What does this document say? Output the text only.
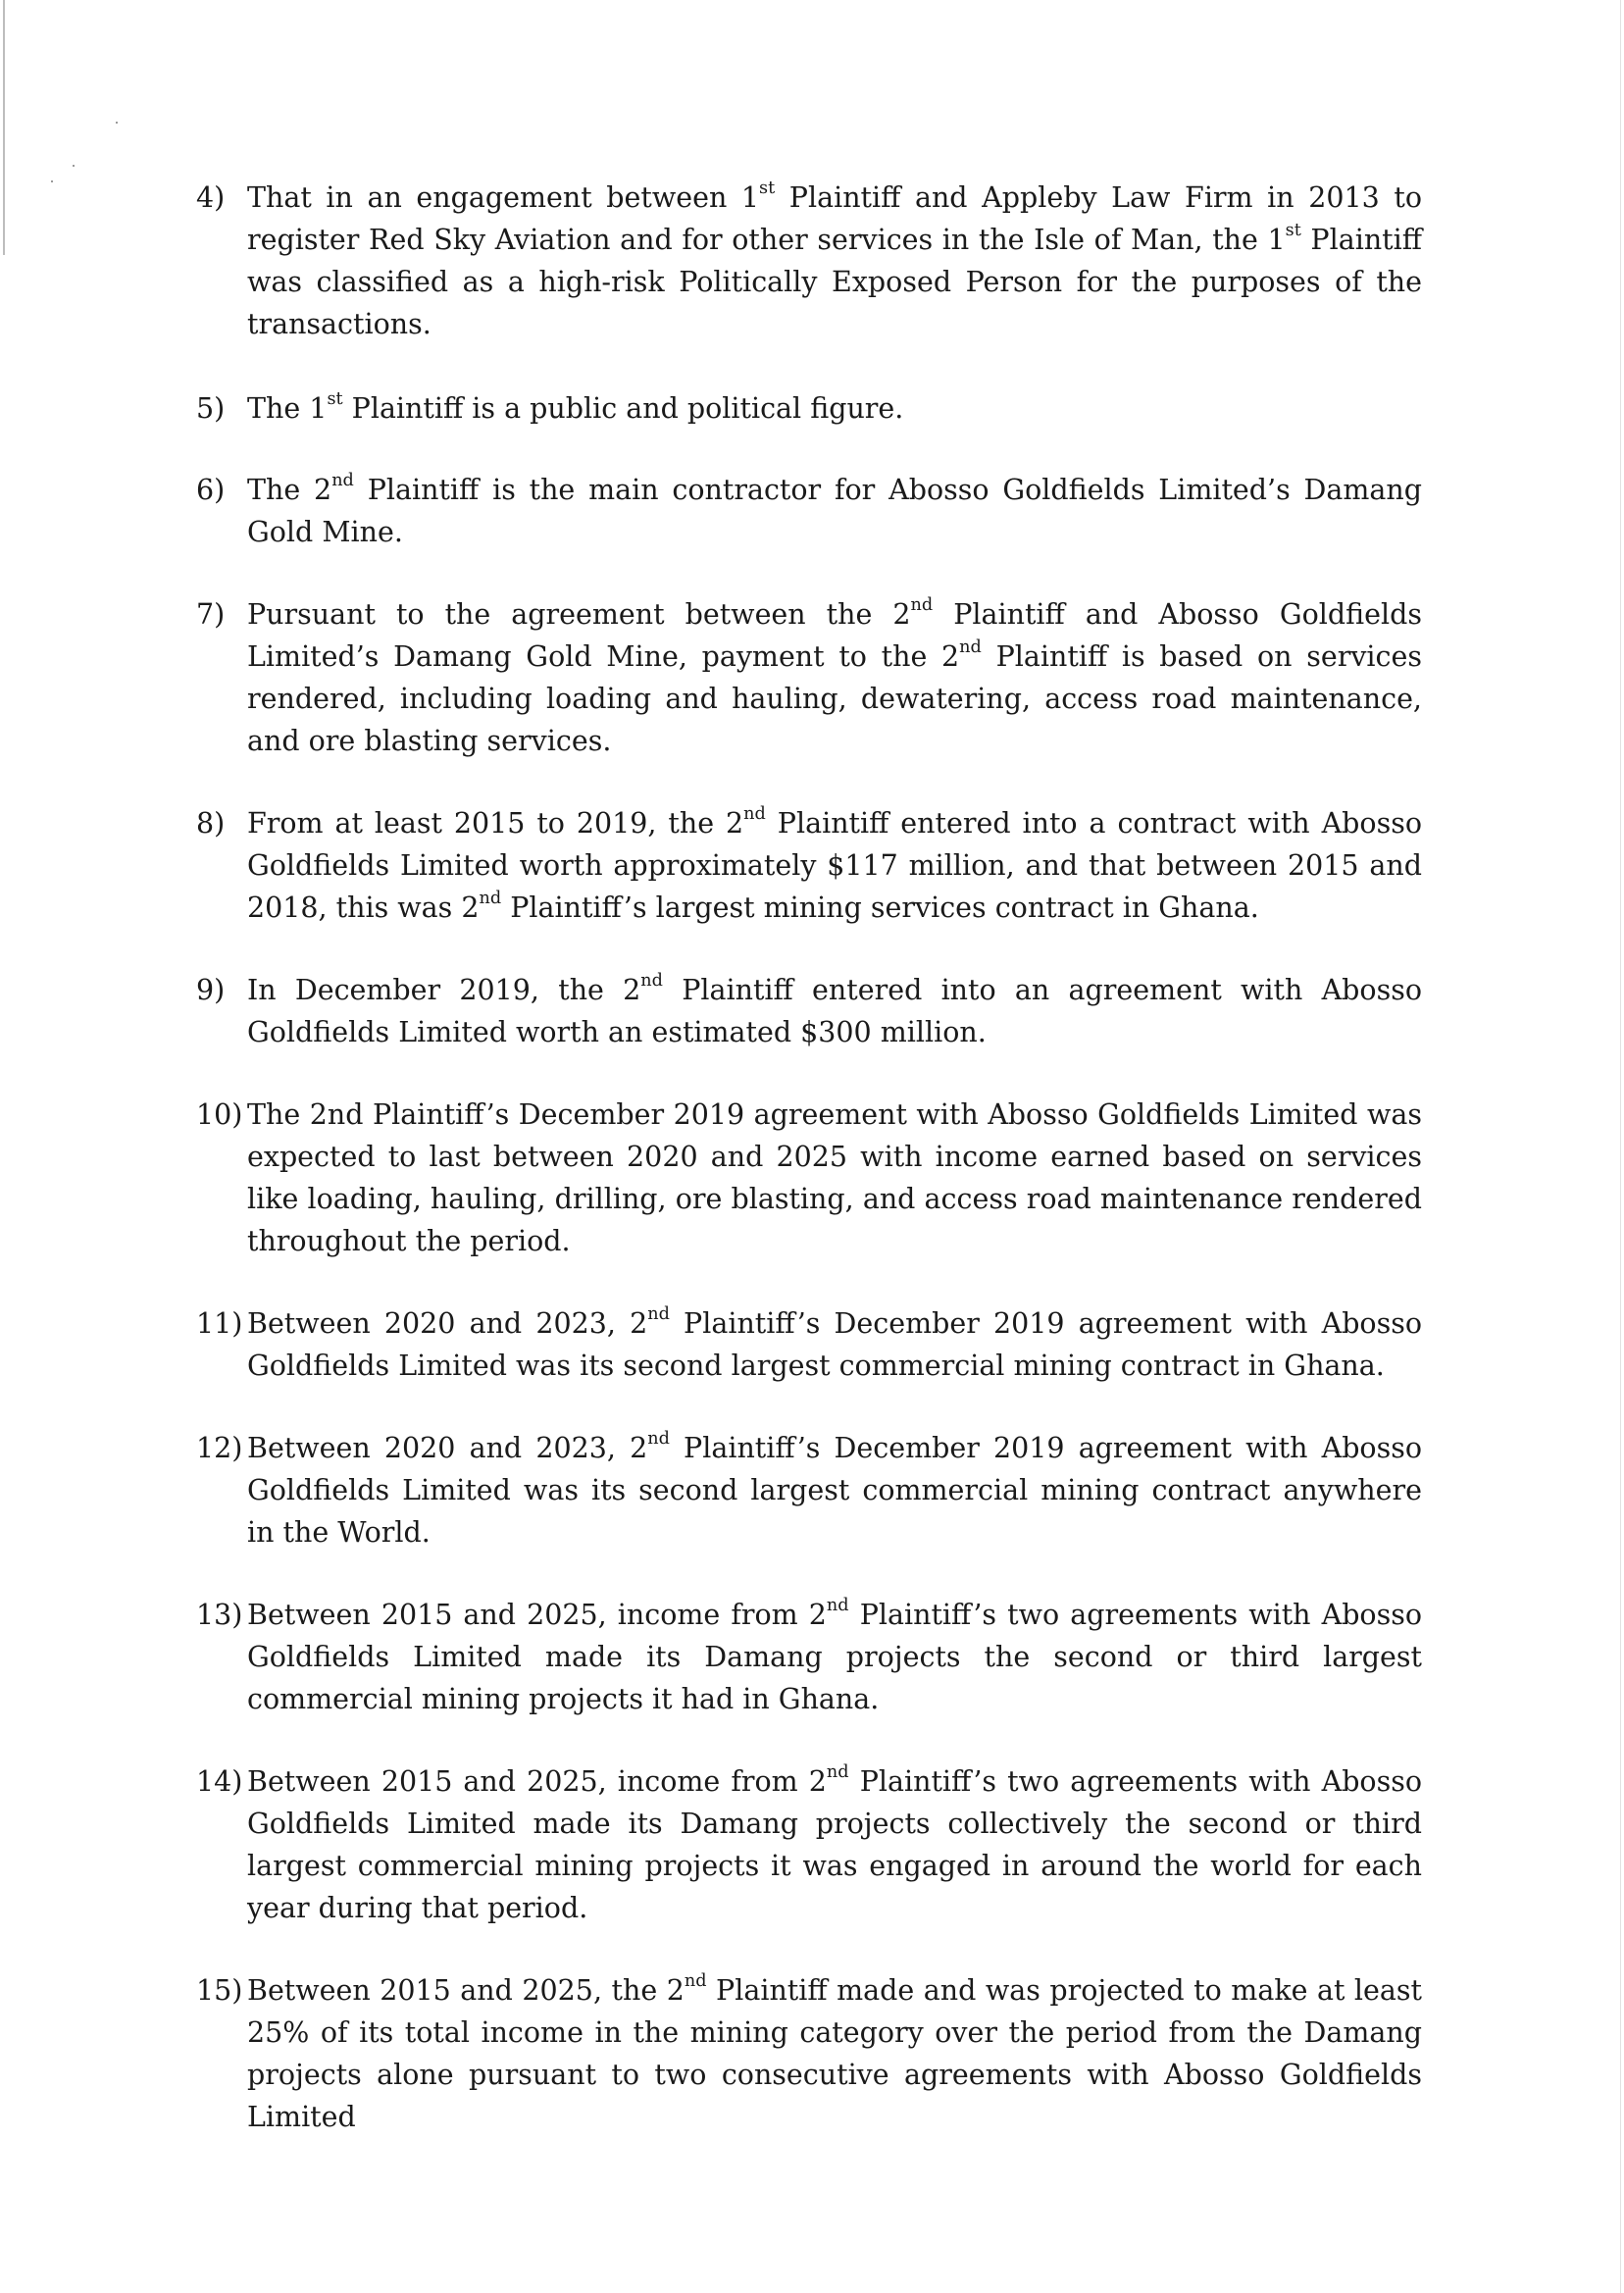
4) That in an engagement between 1st Plaintiff and Appleby Law Firm in 2013 to register Red Sky Aviation and for other services in the Isle of Man, the 1st Plaintiff was classified as a high-risk Politically Exposed Person for the purposes of the transactions.
5) The 1st Plaintiff is a public and political figure.
6) The 2nd Plaintiff is the main contractor for Abosso Goldfields Limited’s Damang Gold Mine.
7) Pursuant to the agreement between the 2nd Plaintiff and Abosso Goldfields Limited’s Damang Gold Mine, payment to the 2nd Plaintiff is based on services rendered, including loading and hauling, dewatering, access road maintenance, and ore blasting services.
8) From at least 2015 to 2019, the 2nd Plaintiff entered into a contract with Abosso Goldfields Limited worth approximately $117 million, and that between 2015 and 2018, this was 2nd Plaintiff’s largest mining services contract in Ghana.
9) In December 2019, the 2nd Plaintiff entered into an agreement with Abosso Goldfields Limited worth an estimated $300 million.
10) The 2nd Plaintiff’s December 2019 agreement with Abosso Goldfields Limited was expected to last between 2020 and 2025 with income earned based on services like loading, hauling, drilling, ore blasting, and access road maintenance rendered throughout the period.
11) Between 2020 and 2023, 2nd Plaintiff’s December 2019 agreement with Abosso Goldfields Limited was its second largest commercial mining contract in Ghana.
12) Between 2020 and 2023, 2nd Plaintiff’s December 2019 agreement with Abosso Goldfields Limited was its second largest commercial mining contract anywhere in the World.
13) Between 2015 and 2025, income from 2nd Plaintiff’s two agreements with Abosso Goldfields Limited made its Damang projects the second or third largest commercial mining projects it had in Ghana.
14) Between 2015 and 2025, income from 2nd Plaintiff’s two agreements with Abosso Goldfields Limited made its Damang projects collectively the second or third largest commercial mining projects it was engaged in around the world for each year during that period.
15) Between 2015 and 2025, the 2nd Plaintiff made and was projected to make at least 25% of its total income in the mining category over the period from the Damang projects alone pursuant to two consecutive agreements with Abosso Goldfields Limited
